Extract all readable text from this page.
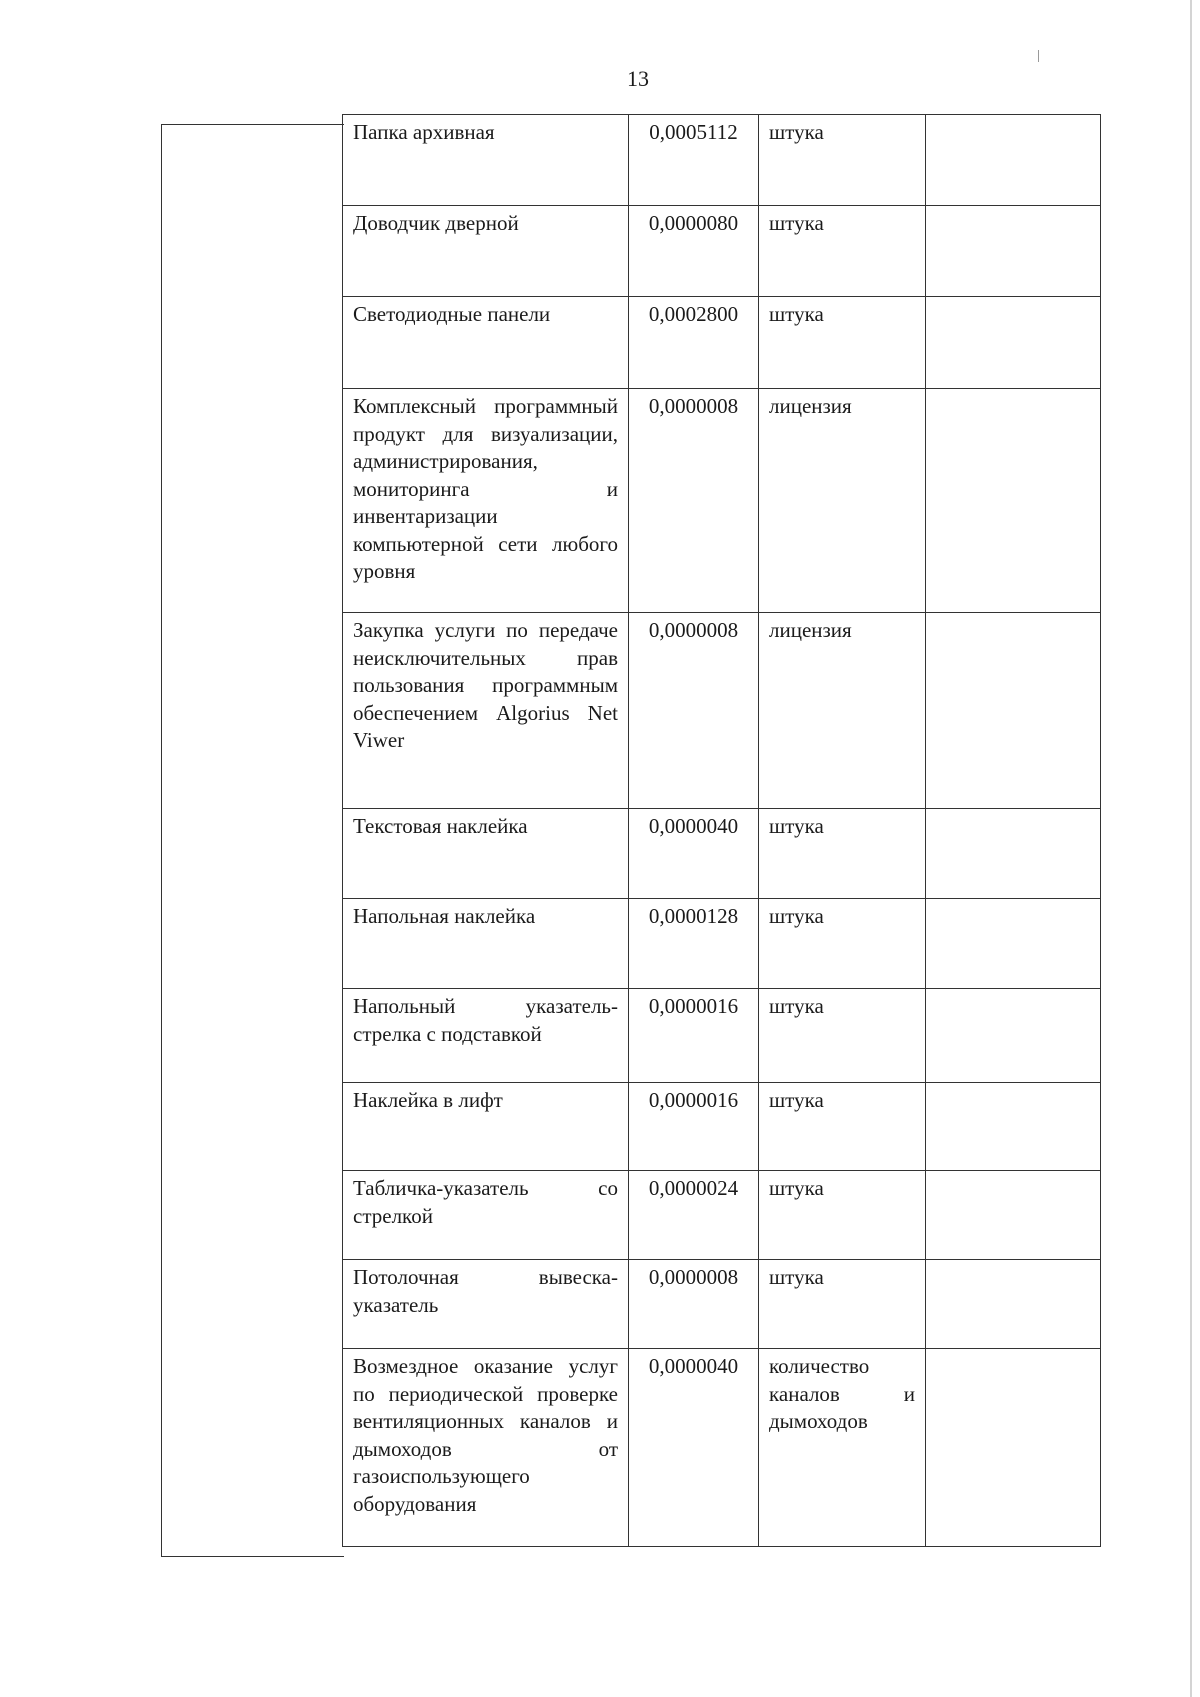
13
Папка архивная	0,0005112	штука	
Доводчик дверной	0,0000080	штука	
Светодиодные панели	0,0002800	штука	
Комплексный программный продукт для визуализации, администрирования, мониторинга и инвентаризации компьютерной сети любого уровня	0,0000008	лицензия	
Закупка услуги по передаче неисключительных прав пользования программным обеспечением Algorius Net Viwer	0,0000008	лицензия	
Текстовая наклейка	0,0000040	штука	
Напольная наклейка	0,0000128	штука	
Напольный указатель-стрелка с подставкой	0,0000016	штука	
Наклейка в лифт	0,0000016	штука	
Табличка-указатель со стрелкой	0,0000024	штука	
Потолочная вывеска-указатель	0,0000008	штука	
Возмездное оказание услуг по периодической проверке вентиляционных каналов и дымоходов от газоиспользующего оборудования	0,0000040	количество каналов и дымоходов	
